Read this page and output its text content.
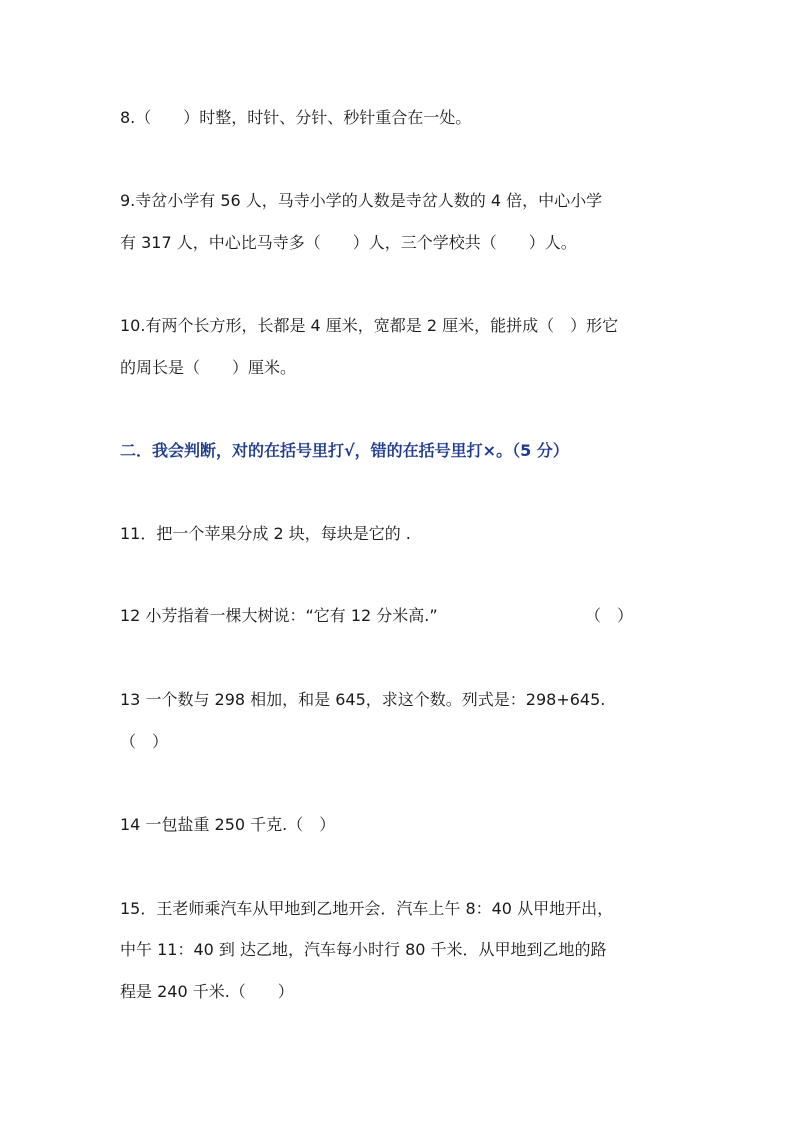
8.（　　）时整，时针、分针、秒针重合在一处。
9.寺岔小学有 56 人，马寺小学的人数是寺岔人数的 4 倍，中心小学
有 317 人，中心比马寺多（　　）人，三个学校共（　　）人。
10.有两个长方形，长都是 4 厘米，宽都是 2 厘米，能拼成（　）形它
的周长是（　　）厘米。
二．我会判断，对的在括号里打√，错的在括号里打×。（5 分）
11．把一个苹果分成 2 块，每块是它的 .
12 小芳指着一棵大树说：“它有 12 分米高.”	（　）
13 一个数与 298 相加，和是 645，求这个数。列式是：298+645.
（　）
14 一包盐重 250 千克.（　）
15．王老师乘汽车从甲地到乙地开会．汽车上午 8：40 从甲地开出，
中午 11：40 到 达乙地，汽车每小时行 80 千米．从甲地到乙地的路
程是 240 千米.（　　）
